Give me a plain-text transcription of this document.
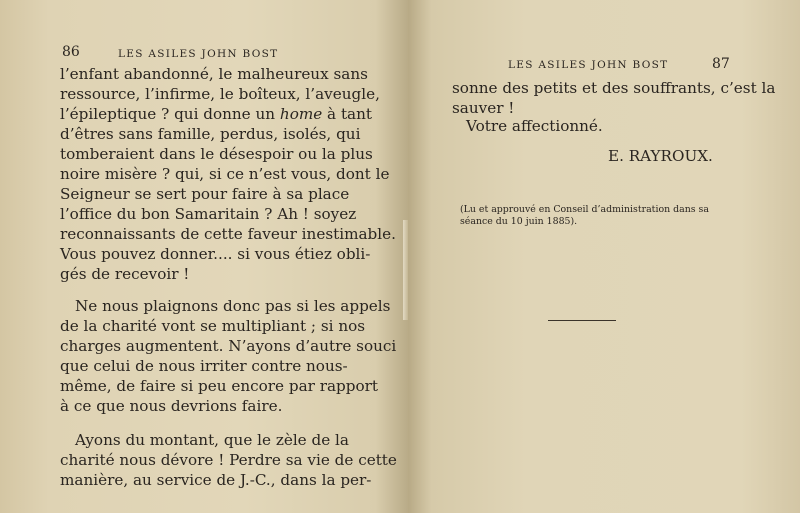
86	LES ASILES JOHN BOST
l’enfant abandonné, le malheureux sans
ressource, l’infirme, le boîteux, l’aveugle,
l’épileptique ? qui donne un home à tant
d’êtres sans famille, perdus, isolés, qui
tomberaient dans le désespoir ou la plus
noire misère ? qui, si ce n’est vous, dont le
Seigneur se sert pour faire à sa place
l’office du bon Samaritain ? Ah ! soyez
reconnaissants de cette faveur inestimable.
Vous pouvez donner.... si vous étiez obli-
gés de recevoir !
Ne nous plaignons donc pas si les appels
de la charité vont se multipliant ; si nos
charges augmentent. N’ayons d’autre souci
que celui de nous irriter contre nous-
même, de faire si peu encore par rapport
à ce que nous devrions faire.
Ayons du montant, que le zèle de la
charité nous dévore ! Perdre sa vie de cette
manière, au service de J.-C., dans la per-
LES ASILES JOHN BOST	87
sonne des petits et des souffrants, c’est la
sauver !
Votre affectionné.
E. RAYROUX.
(Lu et approuvé en Conseil d’administration dans sa
séance du 10 juin 1885).
